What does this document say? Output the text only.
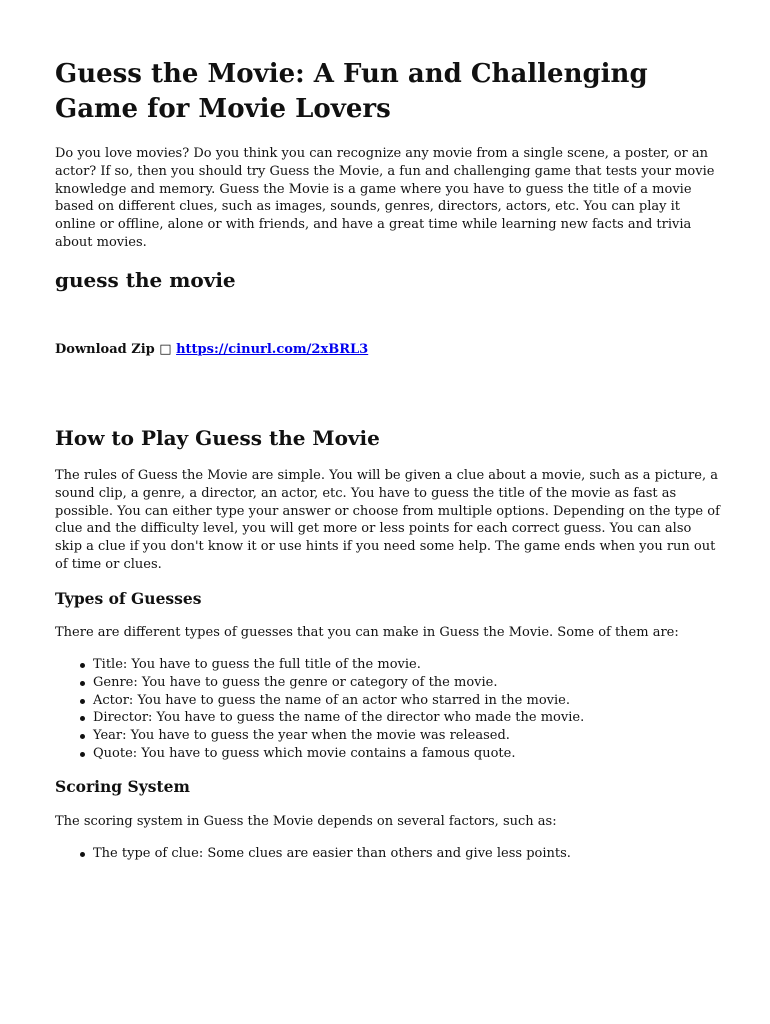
Guess the Movie: A Fun and Challenging Game for Movie Lovers

Do you love movies? Do you think you can recognize any movie from a single scene, a poster, or an actor? If so, then you should try Guess the Movie, a fun and challenging game that tests your movie knowledge and memory. Guess the Movie is a game where you have to guess the title of a movie based on different clues, such as images, sounds, genres, directors, actors, etc. You can play it online or offline, alone or with friends, and have a great time while learning new facts and trivia about movies.

guess the movie
Download Zip □ https://cinurl.com/2xBRL3
How to Play Guess the Movie

The rules of Guess the Movie are simple. You will be given a clue about a movie, such as a picture, a sound clip, a genre, a director, an actor, etc. You have to guess the title of the movie as fast as possible. You can either type your answer or choose from multiple options. Depending on the type of clue and the difficulty level, you will get more or less points for each correct guess. You can also skip a clue if you don't know it or use hints if you need some help. The game ends when you run out of time or clues.

Types of Guesses

There are different types of guesses that you can make in Guess the Movie. Some of them are:

Title: You have to guess the full title of the movie.
Genre: You have to guess the genre or category of the movie.
Actor: You have to guess the name of an actor who starred in the movie.
Director: You have to guess the name of the director who made the movie.
Year: You have to guess the year when the movie was released.
Quote: You have to guess which movie contains a famous quote.
Scoring System

The scoring system in Guess the Movie depends on several factors, such as:

The type of clue: Some clues are easier than others and give less points.
